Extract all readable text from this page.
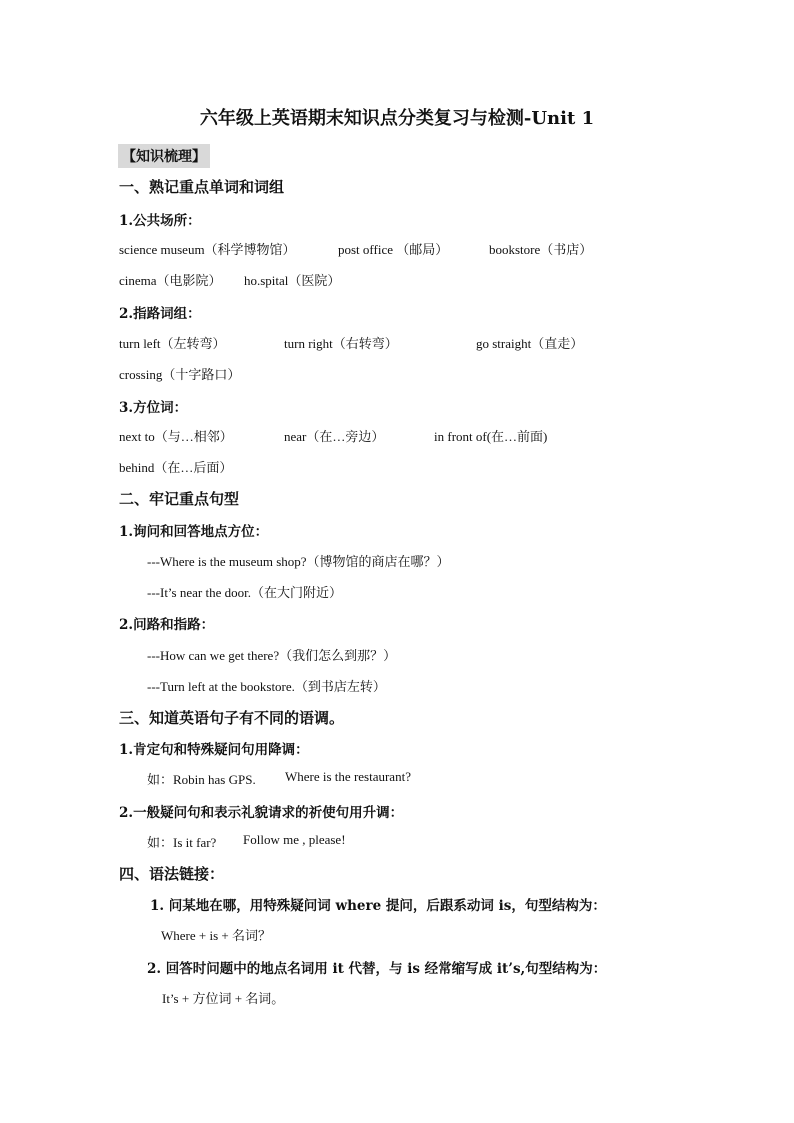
六年级上英语期末知识点分类复习与检测-Unit 1
【知识梳理】
一、熟记重点单词和词组
1.公共场所：
science museum（科学博物馆）	post office （邮局）	bookstore（书店）
cinema（电影院） ho.spital（医院）
2.指路词组：
turn left（左转弯）	turn right（右转弯）	go straight（直走）
crossing（十字路口）
3.方位词：
next to（与…相邻）	near（在…旁边）	in front of(在…前面)
behind（在…后面）
二、牢记重点句型
1.询问和回答地点方位：
---Where is the museum shop?（博物馆的商店在哪？）
---It’s near the door.（在大门附近）
2.问路和指路：
---How can we get there?（我们怎么到那？）
---Turn left at the bookstore.（到书店左转）
三、知道英语句子有不同的语调。
1.肯定句和特殊疑问句用降调：
如：Robin has GPS. Where is the restaurant?
2.一般疑问句和表示礼貌请求的祈使句用升调：
如：Is it far? Follow me , please!
四、语法链接：
1. 问某地在哪，用特殊疑问词 where 提问，后跟系动词 is，句型结构为：
Where + is + 名词？
2. 回答时问题中的地点名词用 it 代替，与 is 经常缩写成 it’s,句型结构为：
It’s + 方位词 + 名词。
